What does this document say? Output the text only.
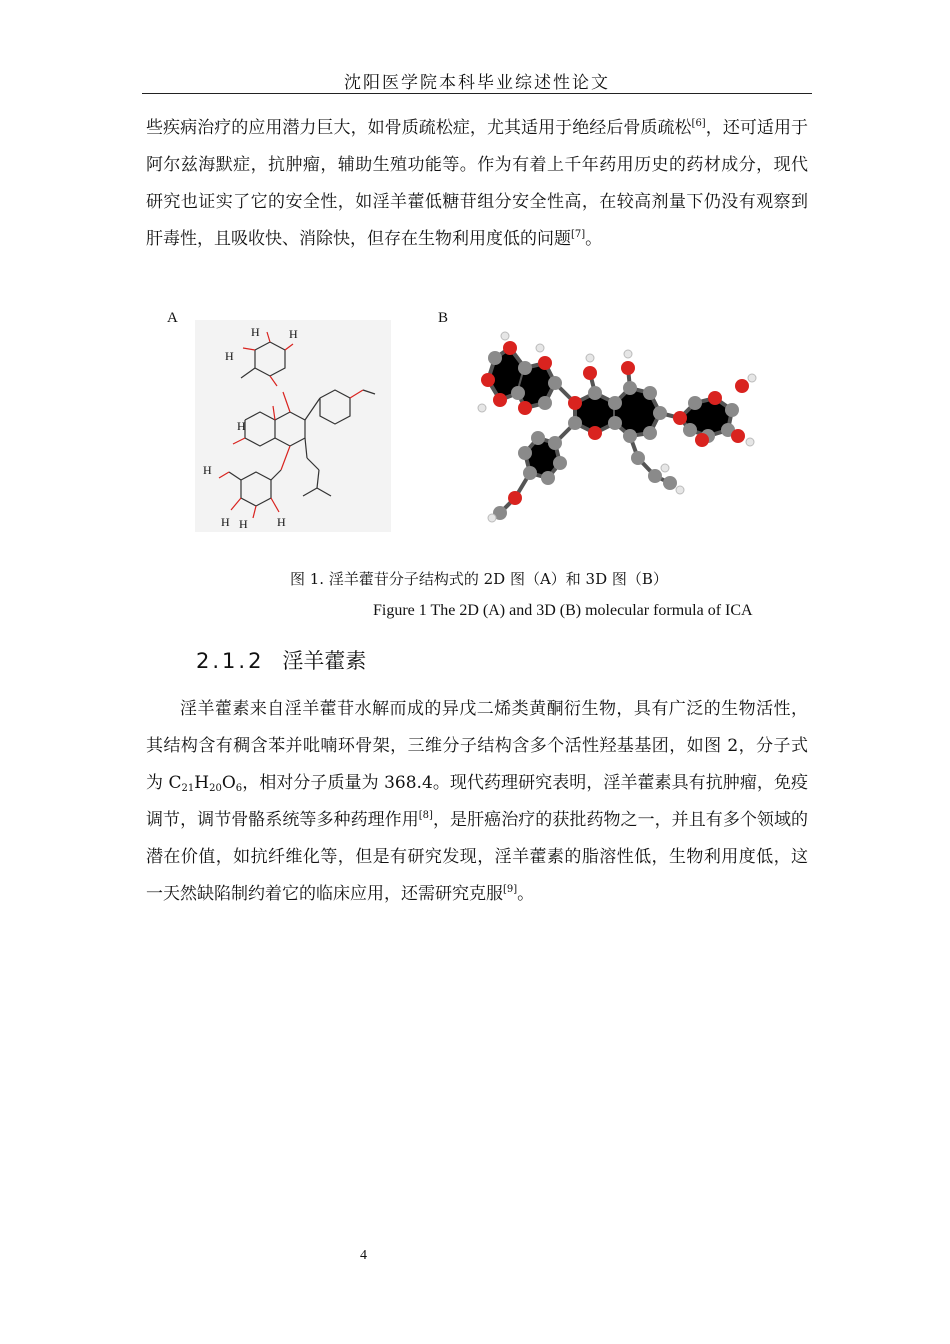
沈阳医学院本科毕业综述性论文

些疾病治疗的应用潜力巨大，如骨质疏松症，尤其适用于绝经后骨质疏松[6]，还可适用于阿尔兹海默症，抗肿瘤，辅助生殖功能等。作为有着上千年药用历史的药材成分，现代研究也证实了它的安全性，如淫羊藿低糖苷组分安全性高，在较高剂量下仍没有观察到肝毒性，且吸收快、消除快，但存在生物利用度低的问题[7]。

A	B
H H
H
H
H
H H H
图 1. 淫羊藿苷分子结构式的 2D 图（A）和 3D 图（B）
Figure 1 The 2D (A) and 3D (B) molecular formula of ICA
2.1.2 淫羊藿素

淫羊藿素来自淫羊藿苷水解而成的异戊二烯类黄酮衍生物，具有广泛的生物活性，其结构含有稠含苯并吡喃环骨架，三维分子结构含多个活性羟基基团，如图 2，分子式为 $C_{21}H_{20}O_6$，相对分子质量为 368.4。现代药理研究表明，淫羊藿素具有抗肿瘤，免疫调节，调节骨骼系统等多种药理作用[8]，是肝癌治疗的获批药物之一，并且有多个领域的潜在价值，如抗纤维化等，但是有研究发现，淫羊藿素的脂溶性低，生物利用度低，这一天然缺陷制约着它的临床应用，还需研究克服[9]。

4
